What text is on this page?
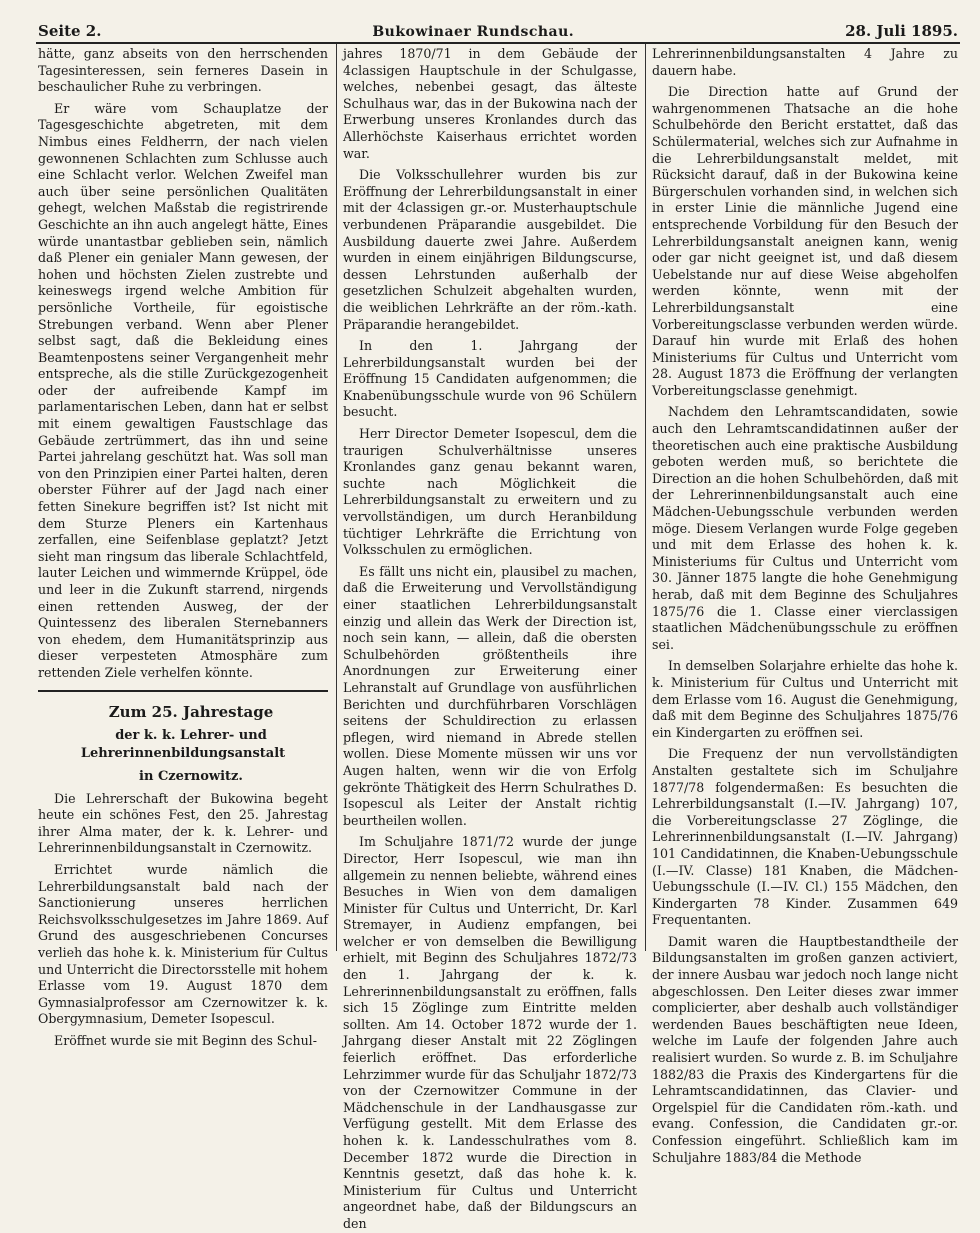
Seite 2.	Bukowinaer Rundschau.	28. Juli 1895.

hätte, ganz abseits von den herrschenden Tagesinteressen, sein ferneres Dasein in beschaulicher Ruhe zu verbringen.

Er wäre vom Schauplatze der Tagesgeschichte abgetreten, mit dem Nimbus eines Feldherrn, der nach vielen gewonnenen Schlachten zum Schlusse auch eine Schlacht verlor. Welchen Zweifel man auch über seine persönlichen Qualitäten gehegt, welchen Maßstab die registrirende Geschichte an ihn auch angelegt hätte, Eines würde unantastbar geblieben sein, nämlich daß Plener ein genialer Mann gewesen, der hohen und höchsten Zielen zustrebte und keineswegs irgend welche Ambition für persönliche Vortheile, für egoistische Strebungen verband. Wenn aber Plener selbst sagt, daß die Bekleidung eines Beamtenpostens seiner Vergangenheit mehr entspreche, als die stille Zurückgezogenheit oder der aufreibende Kampf im parlamentarischen Leben, dann hat er selbst mit einem gewaltigen Faustschlage das Gebäude zertrümmert, das ihn und seine Partei jahrelang geschützt hat. Was soll man von den Prinzipien einer Partei halten, deren oberster Führer auf der Jagd nach einer fetten Sinekure begriffen ist? Ist nicht mit dem Sturze Pleners ein Kartenhaus zerfallen, eine Seifenblase geplatzt? Jetzt sieht man ringsum das liberale Schlachtfeld, lauter Leichen und wimmernde Krüppel, öde und leer in die Zukunft starrend, nirgends einen rettenden Ausweg, der der Quintessenz des liberalen Sternebanners von ehedem, dem Humanitätsprinzip aus dieser verpesteten Atmosphäre zum rettenden Ziele verhelfen könnte.

Zum 25. Jahrestage

der k. k. Lehrer- und Lehrerinnenbildungsanstalt

in Czernowitz.

Die Lehrerschaft der Bukowina begeht heute ein schönes Fest, den 25. Jahrestag ihrer Alma mater, der k. k. Lehrer- und Lehrerinnenbildungsanstalt in Czernowitz.

Errichtet wurde nämlich die Lehrerbildungsanstalt bald nach der Sanctionierung unseres herrlichen Reichsvolksschulgesetzes im Jahre 1869. Auf Grund des ausgeschriebenen Concurses verlieh das hohe k. k. Ministerium für Cultus und Unterricht die Directorsstelle mit hohem Erlasse vom 19. August 1870 dem Gymnasialprofessor am Czernowitzer k. k. Obergymnasium, Demeter Isopescul.

Eröffnet wurde sie mit Beginn des Schul-

jahres 1870/71 in dem Gebäude der 4classigen Hauptschule in der Schulgasse, welches, nebenbei gesagt, das älteste Schulhaus war, das in der Bukowina nach der Erwerbung unseres Kronlandes durch das Allerhöchste Kaiserhaus errichtet worden war.

Die Volksschullehrer wurden bis zur Eröffnung der Lehrerbildungsanstalt in einer mit der 4classigen gr.-or. Musterhauptschule verbundenen Präparandie ausgebildet. Die Ausbildung dauerte zwei Jahre. Außerdem wurden in einem einjährigen Bildungscurse, dessen Lehrstunden außerhalb der gesetzlichen Schulzeit abgehalten wurden, die weiblichen Lehrkräfte an der röm.-kath. Präparandie herangebildet.

In den 1. Jahrgang der Lehrerbildungsanstalt wurden bei der Eröffnung 15 Candidaten aufgenommen; die Knabenübungsschule wurde von 96 Schülern besucht.

Herr Director Demeter Isopescul, dem die traurigen Schulverhältnisse unseres Kronlandes ganz genau bekannt waren, suchte nach Möglichkeit die Lehrerbildungsanstalt zu erweitern und zu vervollständigen, um durch Heranbildung tüchtiger Lehrkräfte die Errichtung von Volksschulen zu ermöglichen.

Es fällt uns nicht ein, plausibel zu machen, daß die Erweiterung und Vervollständigung einer staatlichen Lehrerbildungsanstalt einzig und allein das Werk der Direction ist, noch sein kann, — allein, daß die obersten Schulbehörden größtentheils ihre Anordnungen zur Erweiterung einer Lehranstalt auf Grundlage von ausführlichen Berichten und durchführbaren Vorschlägen seitens der Schuldirection zu erlassen pflegen, wird niemand in Abrede stellen wollen. Diese Momente müssen wir uns vor Augen halten, wenn wir die von Erfolg gekrönte Thätigkeit des Herrn Schulrathes D. Isopescul als Leiter der Anstalt richtig beurtheilen wollen.

Im Schuljahre 1871/72 wurde der junge Director, Herr Isopescul, wie man ihn allgemein zu nennen beliebte, während eines Besuches in Wien von dem damaligen Minister für Cultus und Unterricht, Dr. Karl Stremayer, in Audienz empfangen, bei welcher er von demselben die Bewilligung erhielt, mit Beginn des Schuljahres 1872/73 den 1. Jahrgang der k. k. Lehrerinnenbildungsanstalt zu eröffnen, falls sich 15 Zöglinge zum Eintritte melden sollten. Am 14. October 1872 wurde der 1. Jahrgang dieser Anstalt mit 22 Zöglingen feierlich eröffnet. Das erforderliche Lehrzimmer wurde für das Schuljahr 1872/73 von der Czernowitzer Commune in der Mädchenschule in der Landhausgasse zur Verfügung gestellt. Mit dem Erlasse des hohen k. k. Landesschulrathes vom 8. December 1872 wurde die Direction in Kenntnis gesetzt, daß das hohe k. k. Ministerium für Cultus und Unterricht angeordnet habe, daß der Bildungscurs an den

Lehrerinnenbildungsanstalten 4 Jahre zu dauern habe.

Die Direction hatte auf Grund der wahrgenommenen Thatsache an die hohe Schulbehörde den Bericht erstattet, daß das Schülermaterial, welches sich zur Aufnahme in die Lehrerbildungsanstalt meldet, mit Rücksicht darauf, daß in der Bukowina keine Bürgerschulen vorhanden sind, in welchen sich in erster Linie die männliche Jugend eine entsprechende Vorbildung für den Besuch der Lehrerbildungsanstalt aneignen kann, wenig oder gar nicht geeignet ist, und daß diesem Uebelstande nur auf diese Weise abgeholfen werden könnte, wenn mit der Lehrerbildungsanstalt eine Vorbereitungsclasse verbunden werden würde. Darauf hin wurde mit Erlaß des hohen Ministeriums für Cultus und Unterricht vom 28. August 1873 die Eröffnung der verlangten Vorbereitungsclasse genehmigt.

Nachdem den Lehramtscandidaten, sowie auch den Lehramtscandidatinnen außer der theoretischen auch eine praktische Ausbildung geboten werden muß, so berichtete die Direction an die hohen Schulbehörden, daß mit der Lehrerinnenbildungsanstalt auch eine Mädchen-Uebungsschule verbunden werden möge. Diesem Verlangen wurde Folge gegeben und mit dem Erlasse des hohen k. k. Ministeriums für Cultus und Unterricht vom 30. Jänner 1875 langte die hohe Genehmigung herab, daß mit dem Beginne des Schuljahres 1875/76 die 1. Classe einer vierclassigen staatlichen Mädchenübungsschule zu eröffnen sei.

In demselben Solarjahre erhielte das hohe k. k. Ministerium für Cultus und Unterricht mit dem Erlasse vom 16. August die Genehmigung, daß mit dem Beginne des Schuljahres 1875/76 ein Kindergarten zu eröffnen sei.

Die Frequenz der nun vervollständigten Anstalten gestaltete sich im Schuljahre 1877/78 folgendermaßen: Es besuchten die Lehrerbildungsanstalt (I.—IV. Jahrgang) 107, die Vorbereitungsclasse 27 Zöglinge, die Lehrerinnenbildungsanstalt (I.—IV. Jahrgang) 101 Candidatinnen, die Knaben-Uebungsschule (I.—IV. Classe) 181 Knaben, die Mädchen-Uebungsschule (I.—IV. Cl.) 155 Mädchen, den Kindergarten 78 Kinder. Zusammen 649 Frequentanten.

Damit waren die Hauptbestandtheile der Bildungsanstalten im großen ganzen activiert, der innere Ausbau war jedoch noch lange nicht abgeschlossen. Den Leiter dieses zwar immer complicierter, aber deshalb auch vollständiger werdenden Baues beschäftigten neue Ideen, welche im Laufe der folgenden Jahre auch realisiert wurden. So wurde z. B. im Schuljahre 1882/83 die Praxis des Kindergartens für die Lehramtscandidatinnen, das Clavier- und Orgelspiel für die Candidaten röm.-kath. und evang. Confession, die Candidaten gr.-or. Confession eingeführt. Schließlich kam im Schuljahre 1883/84 die Methode
